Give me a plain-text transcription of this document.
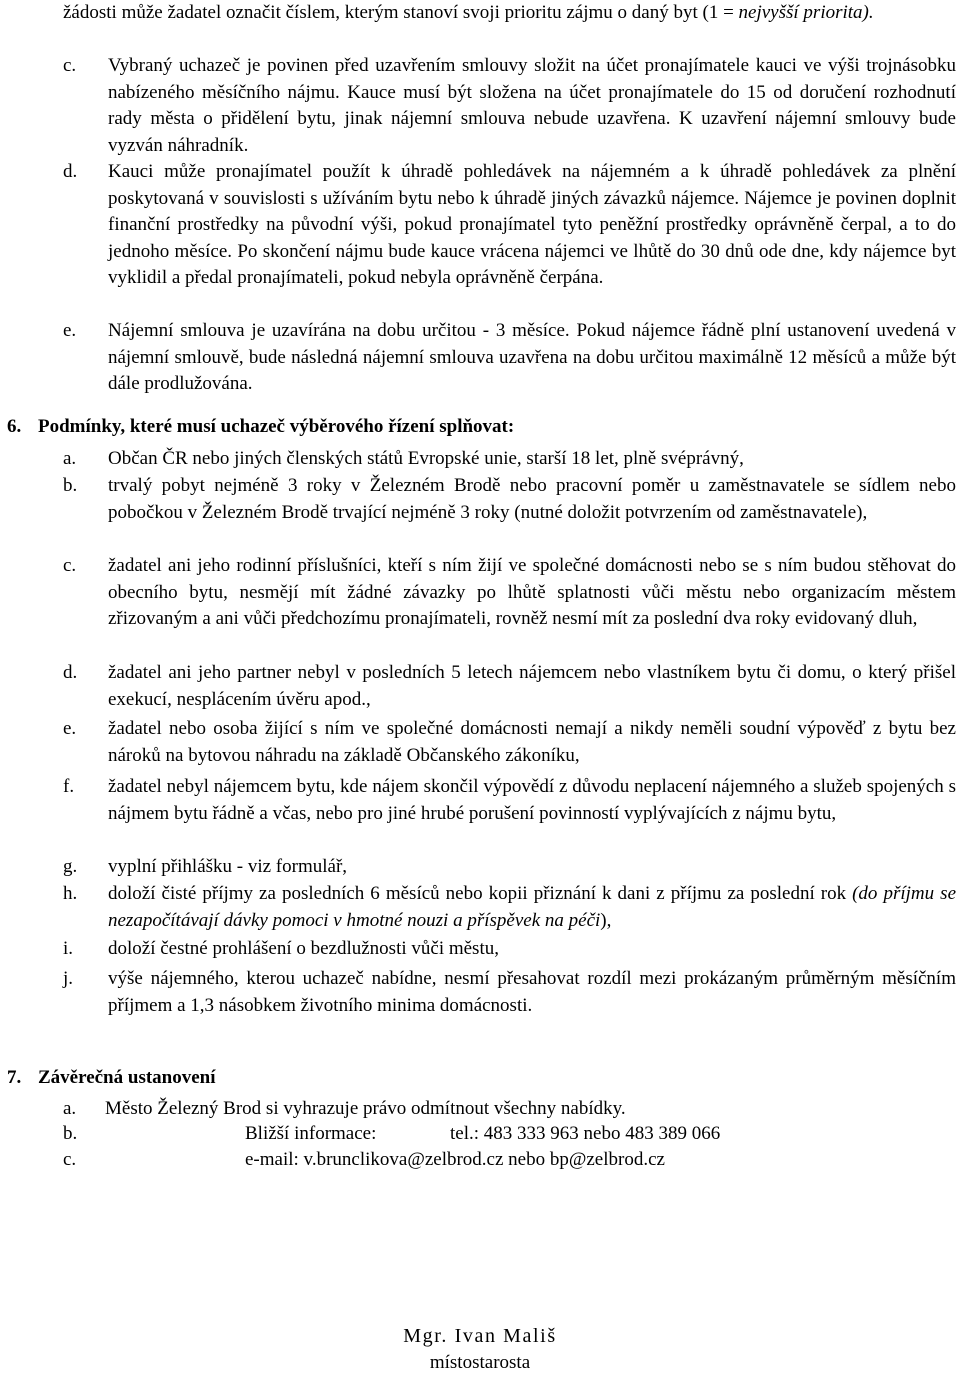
žádosti může žadatel označit číslem, kterým stanoví svoji prioritu zájmu o daný byt (1 = nejvyšší priorita).
c. Vybraný uchazeč je povinen před uzavřením smlouvy složit na účet pronajímatele kauci ve výši trojnásobku nabízeného měsíčního nájmu. Kauce musí být složena na účet pronajímatele do 15 od doručení rozhodnutí rady města o přidělení bytu, jinak nájemní smlouva nebude uzavřena. K uzavření nájemní smlouvy bude vyzván náhradník.
d. Kauci může pronajímatel použít k úhradě pohledávek na nájemném a k úhradě pohledávek za plnění poskytovaná v souvislosti s užíváním bytu nebo k úhradě jiných závazků nájemce. Nájemce je povinen doplnit finanční prostředky na původní výši, pokud pronajímatel tyto peněžní prostředky oprávněně čerpal, a to do jednoho měsíce. Po skončení nájmu bude kauce vrácena nájemci ve lhůtě do 30 dnů ode dne, kdy nájemce byt vyklidil a předal pronajímateli, pokud nebyla oprávněně čerpána.
e. Nájemní smlouva je uzavírána na dobu určitou - 3 měsíce. Pokud nájemce řádně plní ustanovení uvedená v nájemní smlouvě, bude následná nájemní smlouva uzavřena na dobu určitou maximálně 12 měsíců a může být dále prodlužována.
6. Podmínky, které musí uchazeč výběrového řízení splňovat:
a. Občan ČR nebo jiných členských států Evropské unie, starší 18 let, plně svéprávný,
b. trvalý pobyt nejméně 3 roky v Železném Brodě nebo pracovní poměr u zaměstnavatele se sídlem nebo pobočkou v Železném Brodě trvající nejméně 3 roky (nutné doložit potvrzením od zaměstnavatele),
c. žadatel ani jeho rodinní příslušníci, kteří s ním žijí ve společné domácnosti nebo se s ním budou stěhovat do obecního bytu, nesmějí mít žádné závazky po lhůtě splatnosti vůči městu nebo organizacím městem zřizovaným a ani vůči předchozímu pronajímateli, rovněž nesmí mít za poslední dva roky evidovaný dluh,
d. žadatel ani jeho partner nebyl v posledních 5 letech nájemcem nebo vlastníkem bytu či domu, o který přišel exekucí, nesplácením úvěru apod.,
e. žadatel nebo osoba žijící s ním ve společné domácnosti nemají a nikdy neměli soudní výpověď z bytu bez nároků na bytovou náhradu na základě Občanského zákoníku,
f. žadatel nebyl nájemcem bytu, kde nájem skončil výpovědí z důvodu neplacení nájemného a služeb spojených s nájmem bytu řádně a včas, nebo pro jiné hrubé porušení povinností vyplývajících z nájmu bytu,
g. vyplní přihlášku - viz formulář,
h. doloží čisté příjmy za posledních 6 měsíců nebo kopii přiznání k dani z příjmu za poslední rok (do příjmu se nezapočítávají dávky pomoci v hmotné nouzi a příspěvek na péči),
i. doloží čestné prohlášení o bezdlužnosti vůči městu,
j. výše nájemného, kterou uchazeč nabídne, nesmí přesahovat rozdíl mezi prokázaným průměrným měsíčním příjmem a 1,3 násobkem životního minima domácnosti.
7. Závěrečná ustanovení
a. Město Železný Brod si vyhrazuje právo odmítnout všechny nabídky.
b.	Bližší informace:	tel.: 483 333 963 nebo 483 389 066
c.	e-mail: v.brunclikova@zelbrod.cz nebo bp@zelbrod.cz
Mgr. Ivan Mališ
místostarosta
